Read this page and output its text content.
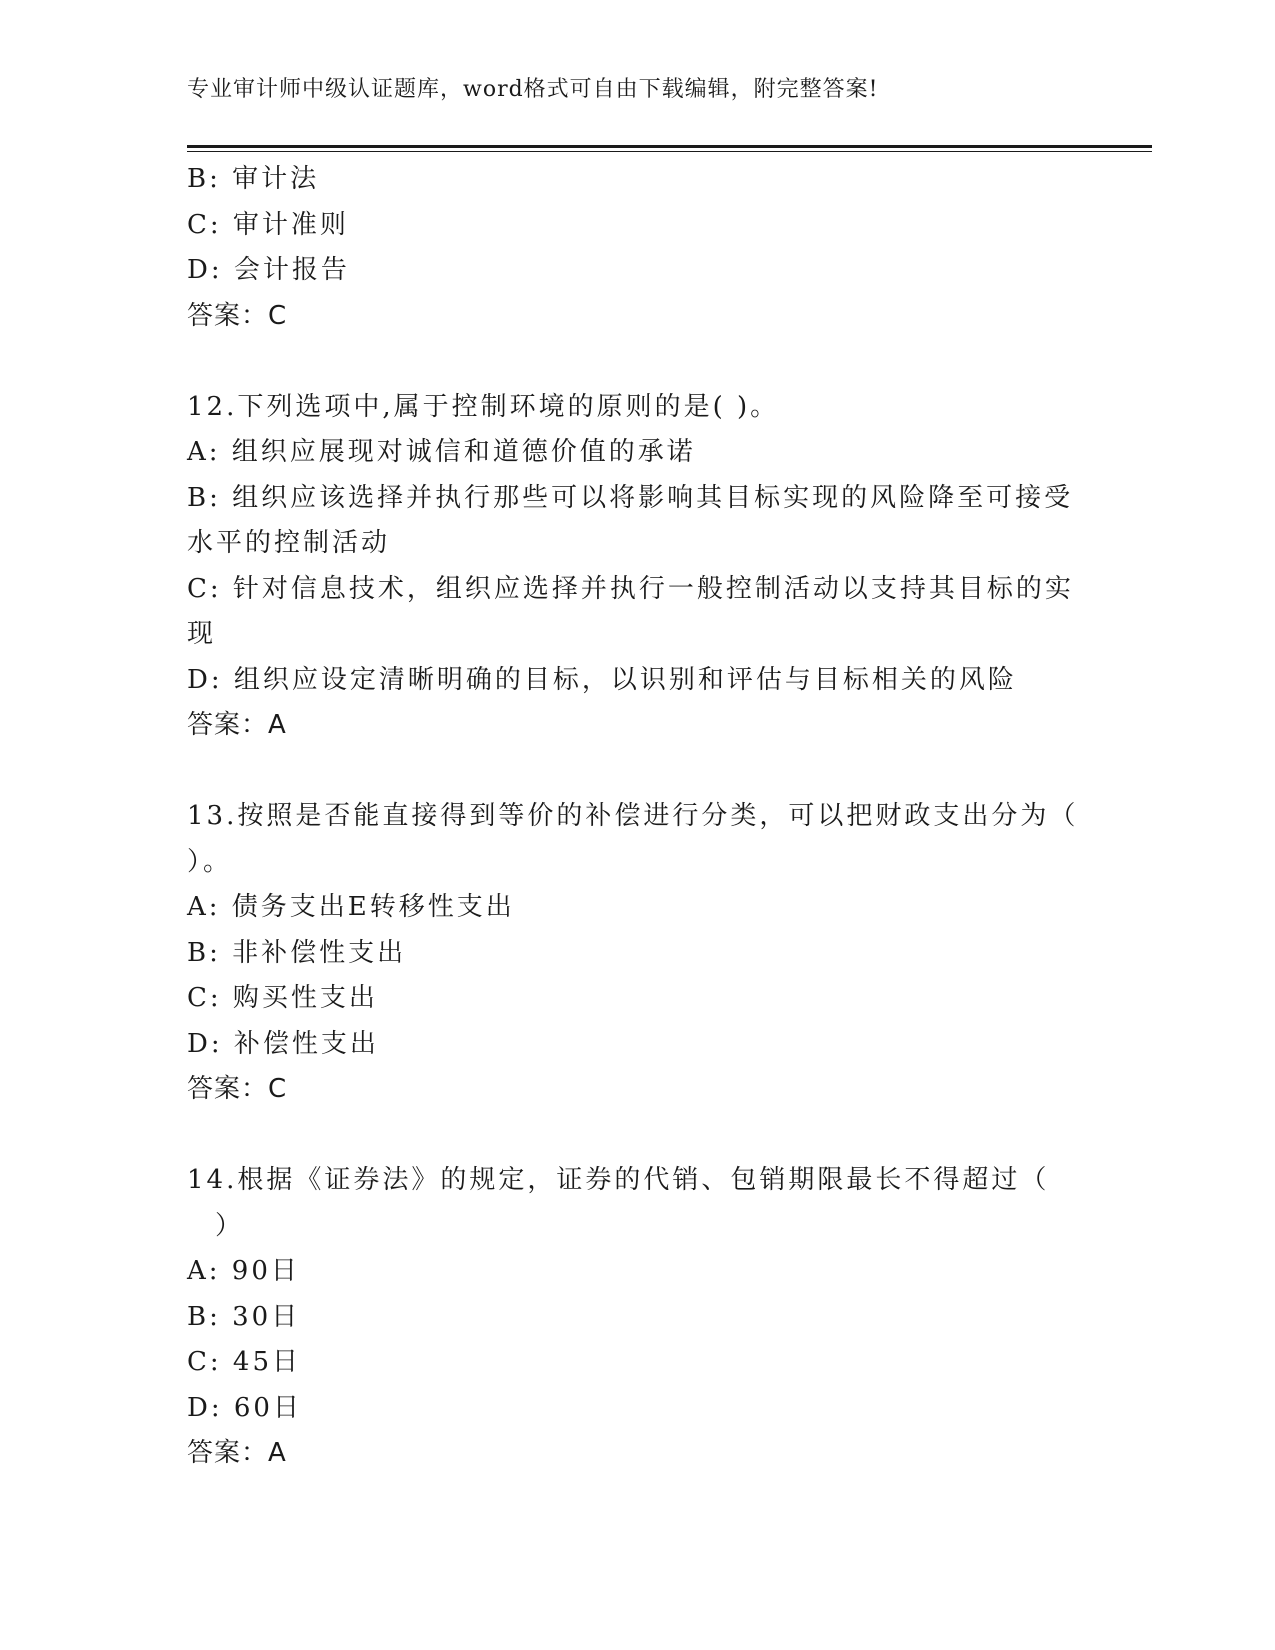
专业审计师中级认证题库，word格式可自由下载编辑，附完整答案!
B: 审计法
C: 审计准则
D: 会计报告
答案：C
12.下列选项中,属于控制环境的原则的是( )。
A: 组织应展现对诚信和道德价值的承诺
B: 组织应该选择并执行那些可以将影响其目标实现的风险降至可接受
水平的控制活动
C: 针对信息技术，组织应选择并执行一般控制活动以支持其目标的实
现
D: 组织应设定清晰明确的目标，以识别和评估与目标相关的风险
答案：A
13.按照是否能直接得到等价的补偿进行分类，可以把财政支出分为（
）。
A: 债务支出E转移性支出
B: 非补偿性支出
C: 购买性支出
D: 补偿性支出
答案：C
14.根据《证券法》的规定，证券的代销、包销期限最长不得超过（
）
A: 90日
B: 30日
C: 45日
D: 60日
答案：A
